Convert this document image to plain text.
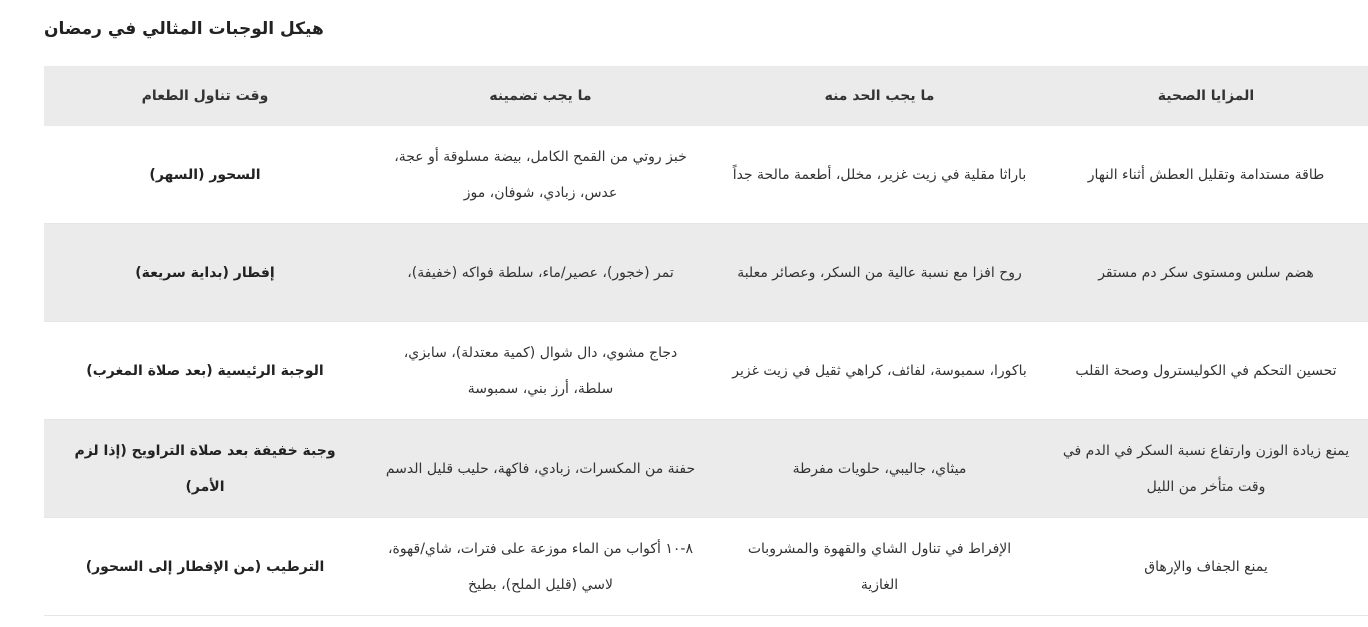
هيكل الوجبات المثالي في رمضان
المزايا الصحية	ما يجب الحد منه	ما يجب تضمينه	وقت تناول الطعام
طاقة مستدامة وتقليل العطش أثناء النهار	باراثا مقلية في زيت غزير، مخلل، أطعمة مالحة جداً	خبز روتي من القمح الكامل، بيضة مسلوقة أو عجة، عدس، زبادي، شوفان، موز	السحور (السهر)
هضم سلس ومستوى سكر دم مستقر	روح افزا مع نسبة عالية من السكر، وعصائر معلبة	تمر (خجور)، عصير/ماء، سلطة فواكه (خفيفة)،	إفطار (بداية سريعة)
تحسين التحكم في الكوليسترول وصحة القلب	باكورا، سمبوسة، لفائف، كراهي ثقيل في زيت غزير	دجاج مشوي، دال شوال (كمية معتدلة)، سابزي، سلطة، أرز بني، سمبوسة	الوجبة الرئيسية (بعد صلاة المغرب)
يمنع زيادة الوزن وارتفاع نسبة السكر في الدم في وقت متأخر من الليل	ميثاي، جاليبي، حلويات مفرطة	حفنة من المكسرات، زبادي، فاكهة، حليب قليل الدسم	وجبة خفيفة بعد صلاة التراويح (إذا لزم الأمر)
يمنع الجفاف والإرهاق	الإفراط في تناول الشاي والقهوة والمشروبات الغازية	٨-١٠ أكواب من الماء موزعة على فترات، شاي/قهوة، لاسي (قليل الملح)، بطيخ	الترطيب (من الإفطار إلى السحور)
